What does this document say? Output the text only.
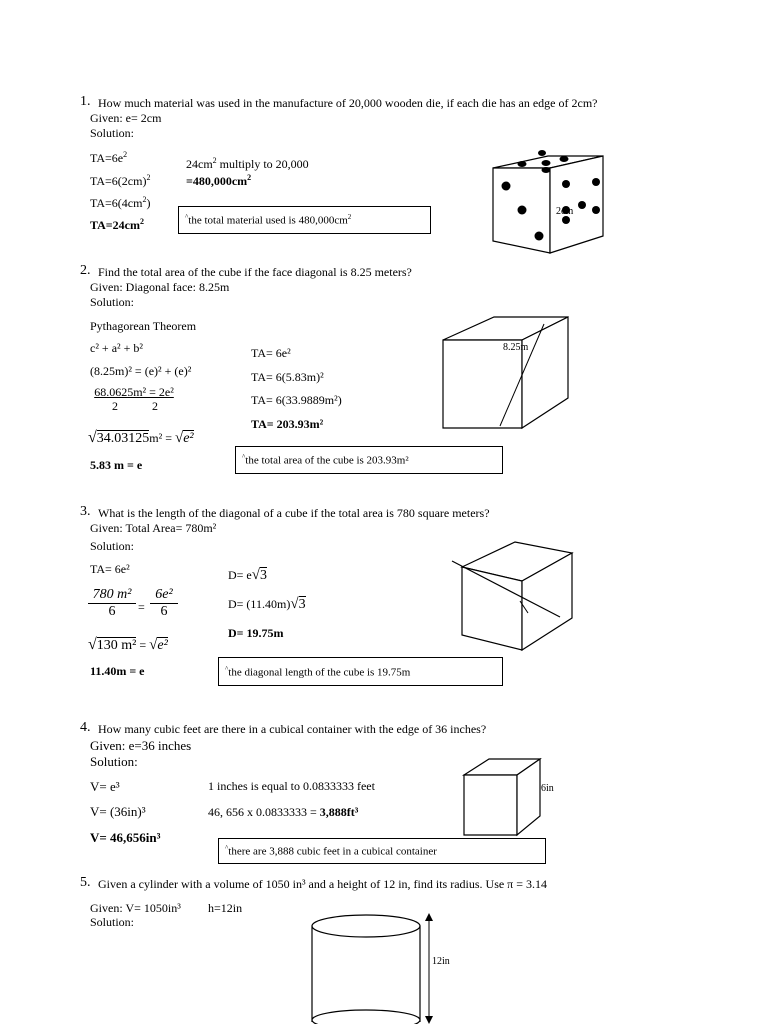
1. How much material was used in the manufacture of 20,000 wooden die, if each die has an edge of 2cm?
Given: e= 2cm
Solution:
$TA=6e^2$
$TA=6(2cm)^2$
$TA=6(4cm^2)$
$TA=24cm^2$
$24cm^2$ multiply to 20,000
$=480,000cm^2$
^the total material used is $480,000cm^2$
2cm
2. Find the total area of the cube if the face diagonal is 8.25 meters?
Given: Diagonal face: 8.25m
Solution:
Pythagorean Theorem
c² + a² + b²
(8.25m)² = (e)² + (e)²
68.0625m² = 2e²
2	2
√34.03125m² = √e²
5.83 m = e
TA= 6e²
TA= 6(5.83m)²
TA= 6(33.9889m²)
TA= 203.93m²
^the total area of the cube is 203.93m²
8.25m
3. What is the length of the diagonal of a cube if the total area is 780 square meters?
Given: Total Area= 780m²
Solution:
TA= 6e²
780 m²
6	=
6e²
6
√130 m² = √e²
11.40m = e
D= e√3
D= (11.40m)√3
D= 19.75m
^the diagonal length of the cube is 19.75m
4. How many cubic feet are there in a cubical container with the edge of 36 inches?
Given: e=36 inches
Solution:
V= e³
V= (36in)³
V= 46,656in³
1 inches is equal to 0.0833333 feet
46, 656 x 0.0833333 = 3,888ft³
^there are 3,888 cubic feet in a cubical container
6in
5. Given a cylinder with a volume of 1050 in³ and a height of 12 in, find its radius. Use π = 3.14
Given: V= 1050in³ h=12in
Solution:
12in
